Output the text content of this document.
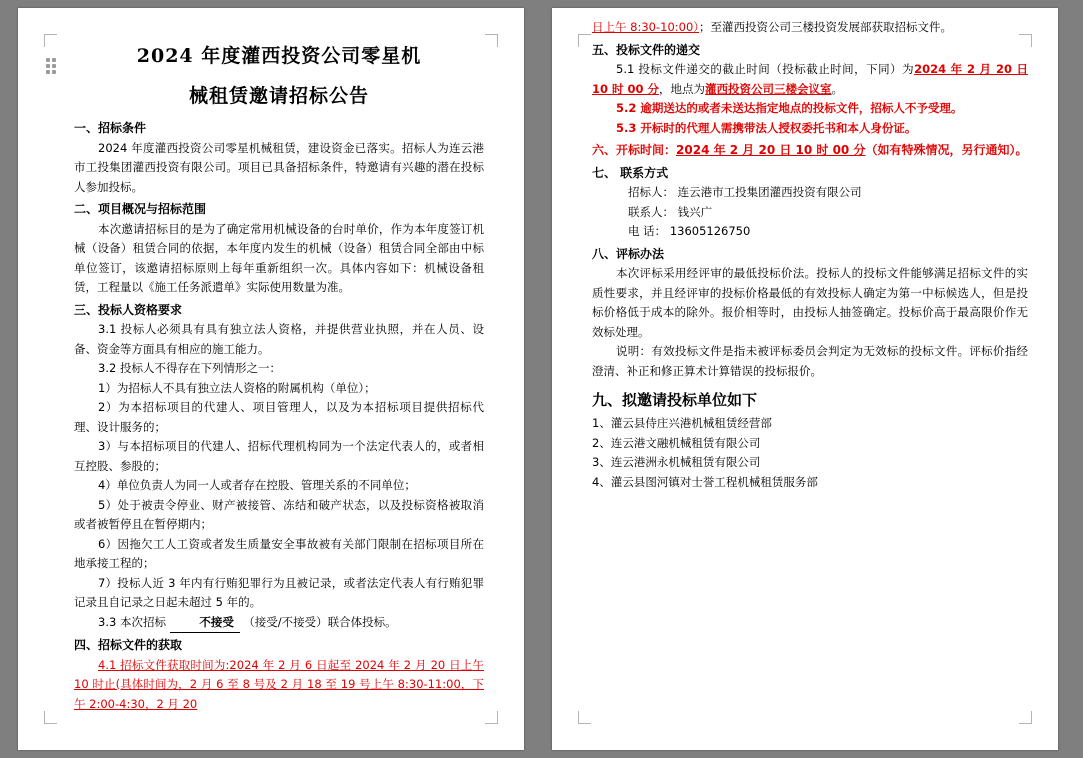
2024 年度灌西投资公司零星机
械租赁邀请招标公告

一、招标条件

2024 年度灌西投资公司零星机械租赁，建设资金已落实。招标人为连云港市工投集团灌西投资有限公司。项目已具备招标条件，特邀请有兴趣的潜在投标人参加投标。

二、项目概况与招标范围

本次邀请招标目的是为了确定常用机械设备的台时单价，作为本年度签订机械（设备）租赁合同的依据，本年度内发生的机械（设备）租赁合同全部由中标单位签订，该邀请招标原则上每年重新组织一次。具体内容如下：机械设备租赁，工程量以《施工任务派遣单》实际使用数量为准。

三、投标人资格要求

3.1 投标人必须具有具有独立法人资格，并提供营业执照，并在人员、设备、资金等方面具有相应的施工能力。

3.2 投标人不得存在下列情形之一：

1）为招标人不具有独立法人资格的附属机构（单位）；

2）为本招标项目的代建人、项目管理人，以及为本招标项目提供招标代理、设计服务的；

3）与本招标项目的代建人、招标代理机构同为一个法定代表人的，或者相互控股、参股的；

4）单位负责人为同一人或者存在控股、管理关系的不同单位；

5）处于被责令停业、财产被接管、冻结和破产状态，以及投标资格被取消或者被暂停且在暂停期内；

6）因拖欠工人工资或者发生质量安全事故被有关部门限制在招标项目所在地承接工程的；

7）投标人近 3 年内有行贿犯罪行为且被记录，或者法定代表人有行贿犯罪记录且自记录之日起未超过 5 年的。

3.3 本次招标	不接受 （接受/不接受）联合体投标。

四、招标文件的获取

4.1 招标文件获取时间为:2024 年 2 月 6 日起至 2024 年 2 月 20 日上午 10 时止(具体时间为，2 月 6 至 8 号及 2 月 18 至 19 号上午 8:30-11:00，下午 2:00-4:30，2 月 20

日上午 8:30-10:00）；至灌西投资公司三楼投资发展部获取招标文件。

五、投标文件的递交

5.1 投标文件递交的截止时间（投标截止时间，下同）为2024 年 2 月 20 日 10 时 00 分，地点为灌西投资公司三楼会议室。

5.2 逾期送达的或者未送达指定地点的投标文件，招标人不予受理。

5.3 开标时的代理人需携带法人授权委托书和本人身份证。

六、开标时间：2024 年 2 月 20 日 10 时 00 分（如有特殊情况，另行通知）。

七、 联系方式

招标人： 连云港市工投集团灌西投资有限公司

联系人： 钱兴广

电 话： 13605126750

八、评标办法

本次评标采用经评审的最低投标价法。投标人的投标文件能够满足招标文件的实质性要求，并且经评审的投标价格最低的有效投标人确定为第一中标候选人，但是投标价格低于成本的除外。报价相等时，由投标人抽签确定。投标价高于最高限价作无效标处理。

说明：有效投标文件是指未被评标委员会判定为无效标的投标文件。评标价指经澄清、补正和修正算术计算错误的投标报价。

九、拟邀请投标单位如下

1、灌云县侍庄兴港机械租赁经营部

2、连云港文融机械租赁有限公司

3、连云港洲永机械租赁有限公司

4、灌云县图河镇对士誉工程机械租赁服务部
